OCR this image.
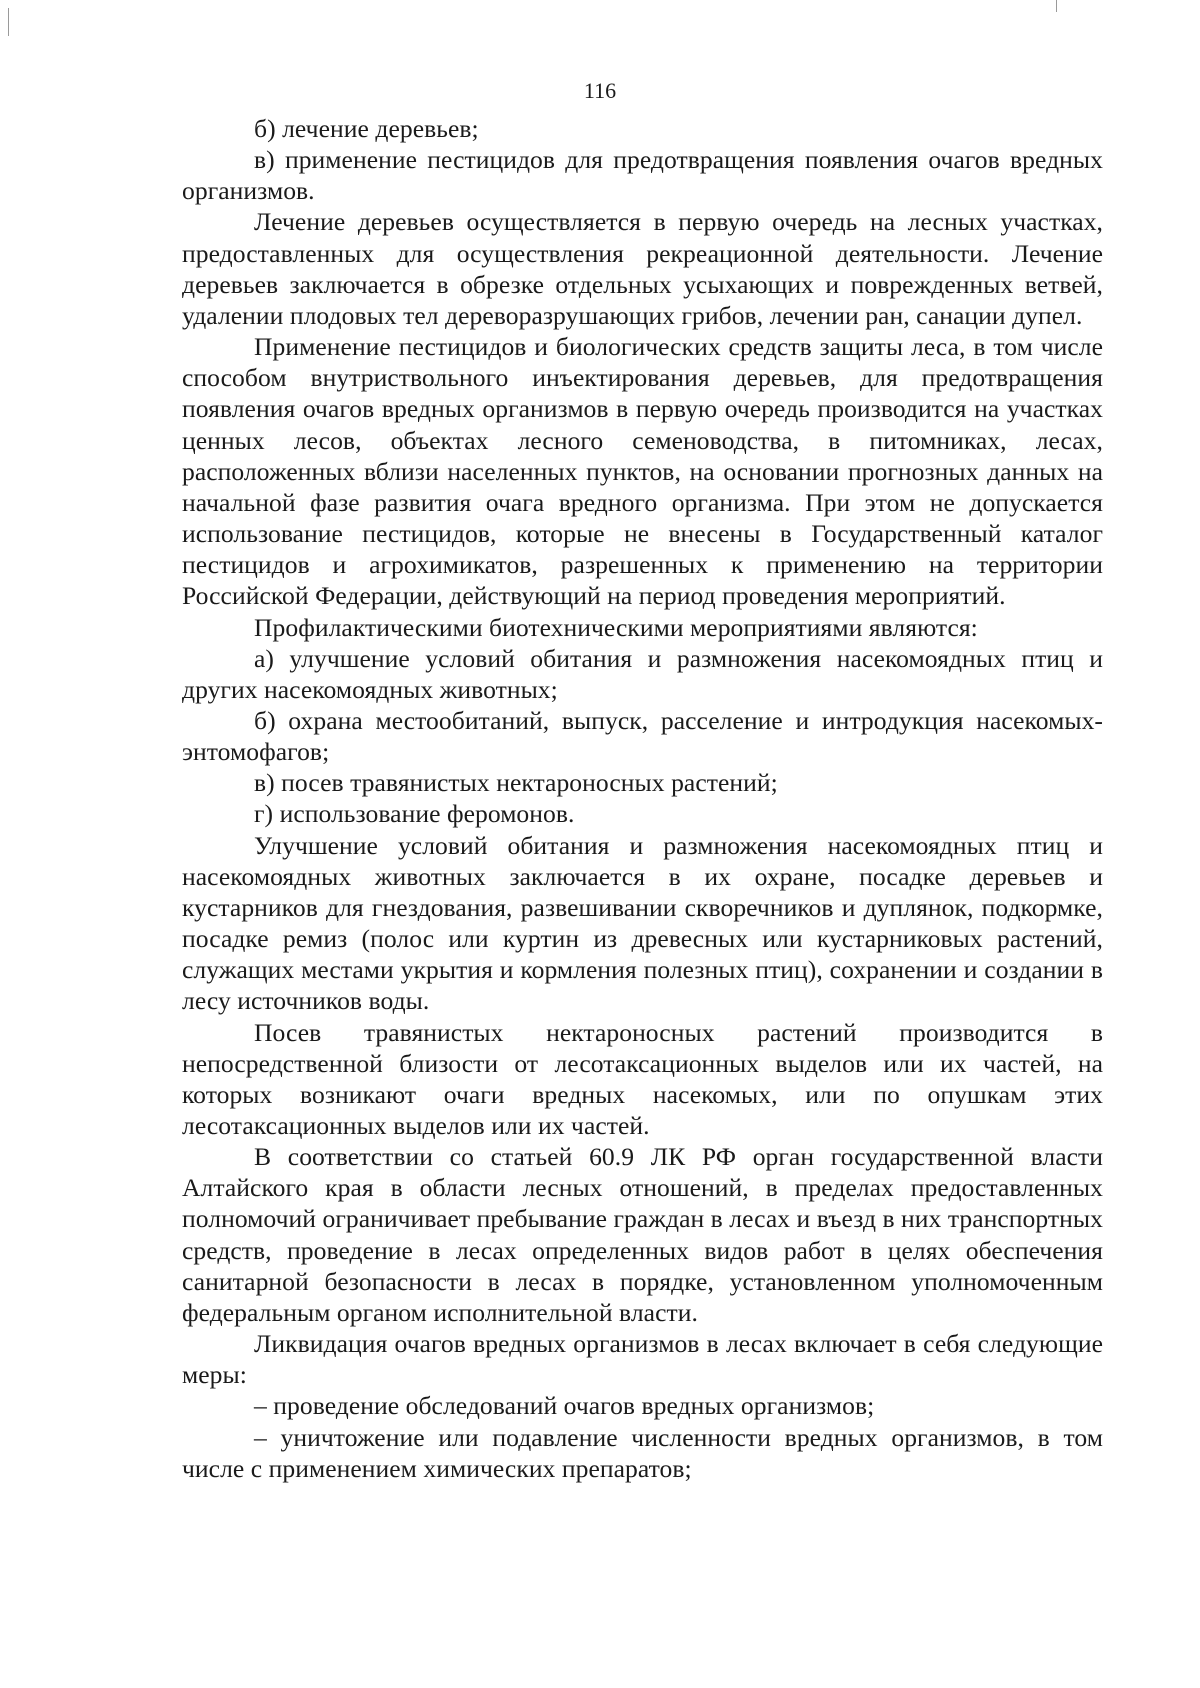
116

б) лечение деревьев;

в) применение пестицидов для предотвращения появления очагов вредных организмов.

Лечение деревьев осуществляется в первую очередь на лесных участках, предоставленных для осуществления рекреационной деятельности. Лечение деревьев заключается в обрезке отдельных усыхающих и поврежденных ветвей, удалении плодовых тел дереворазрушающих грибов, лечении ран, санации дупел.

Применение пестицидов и биологических средств защиты леса, в том числе способом внутриствольного инъектирования деревьев, для предотвращения появления очагов вредных организмов в первую очередь производится на участках ценных лесов, объектах лесного семеноводства, в питомниках, лесах, расположенных вблизи населенных пунктов, на основании прогнозных данных на начальной фазе развития очага вредного организма. При этом не допускается использование пестицидов, которые не внесены в Государственный каталог пестицидов и агрохимикатов, разрешенных к применению на территории Российской Федерации, действующий на период проведения мероприятий.

Профилактическими биотехническими мероприятиями являются:

а) улучшение условий обитания и размножения насекомоядных птиц и других насекомоядных животных;

б) охрана местообитаний, выпуск, расселение и интродукция насекомых-энтомофагов;

в) посев травянистых нектароносных растений;

г) использование феромонов.

Улучшение условий обитания и размножения насекомоядных птиц и насекомоядных животных заключается в их охране, посадке деревьев и кустарников для гнездования, развешивании скворечников и дуплянок, подкормке, посадке ремиз (полос или куртин из древесных или кустарниковых растений, служащих местами укрытия и кормления полезных птиц), сохранении и создании в лесу источников воды.

Посев травянистых нектароносных растений производится в непосредственной близости от лесотаксационных выделов или их частей, на которых возникают очаги вредных насекомых, или по опушкам этих лесотаксационных выделов или их частей.

В соответствии со статьей 60.9 ЛК РФ орган государственной власти Алтайского края в области лесных отношений, в пределах предоставленных полномочий ограничивает пребывание граждан в лесах и въезд в них транспортных средств, проведение в лесах определенных видов работ в целях обеспечения санитарной безопасности в лесах в порядке, установленном уполномоченным федеральным органом исполнительной власти.

Ликвидация очагов вредных организмов в лесах включает в себя следующие меры:

– проведение обследований очагов вредных организмов;

– уничтожение или подавление численности вредных организмов, в том числе с применением химических препаратов;
